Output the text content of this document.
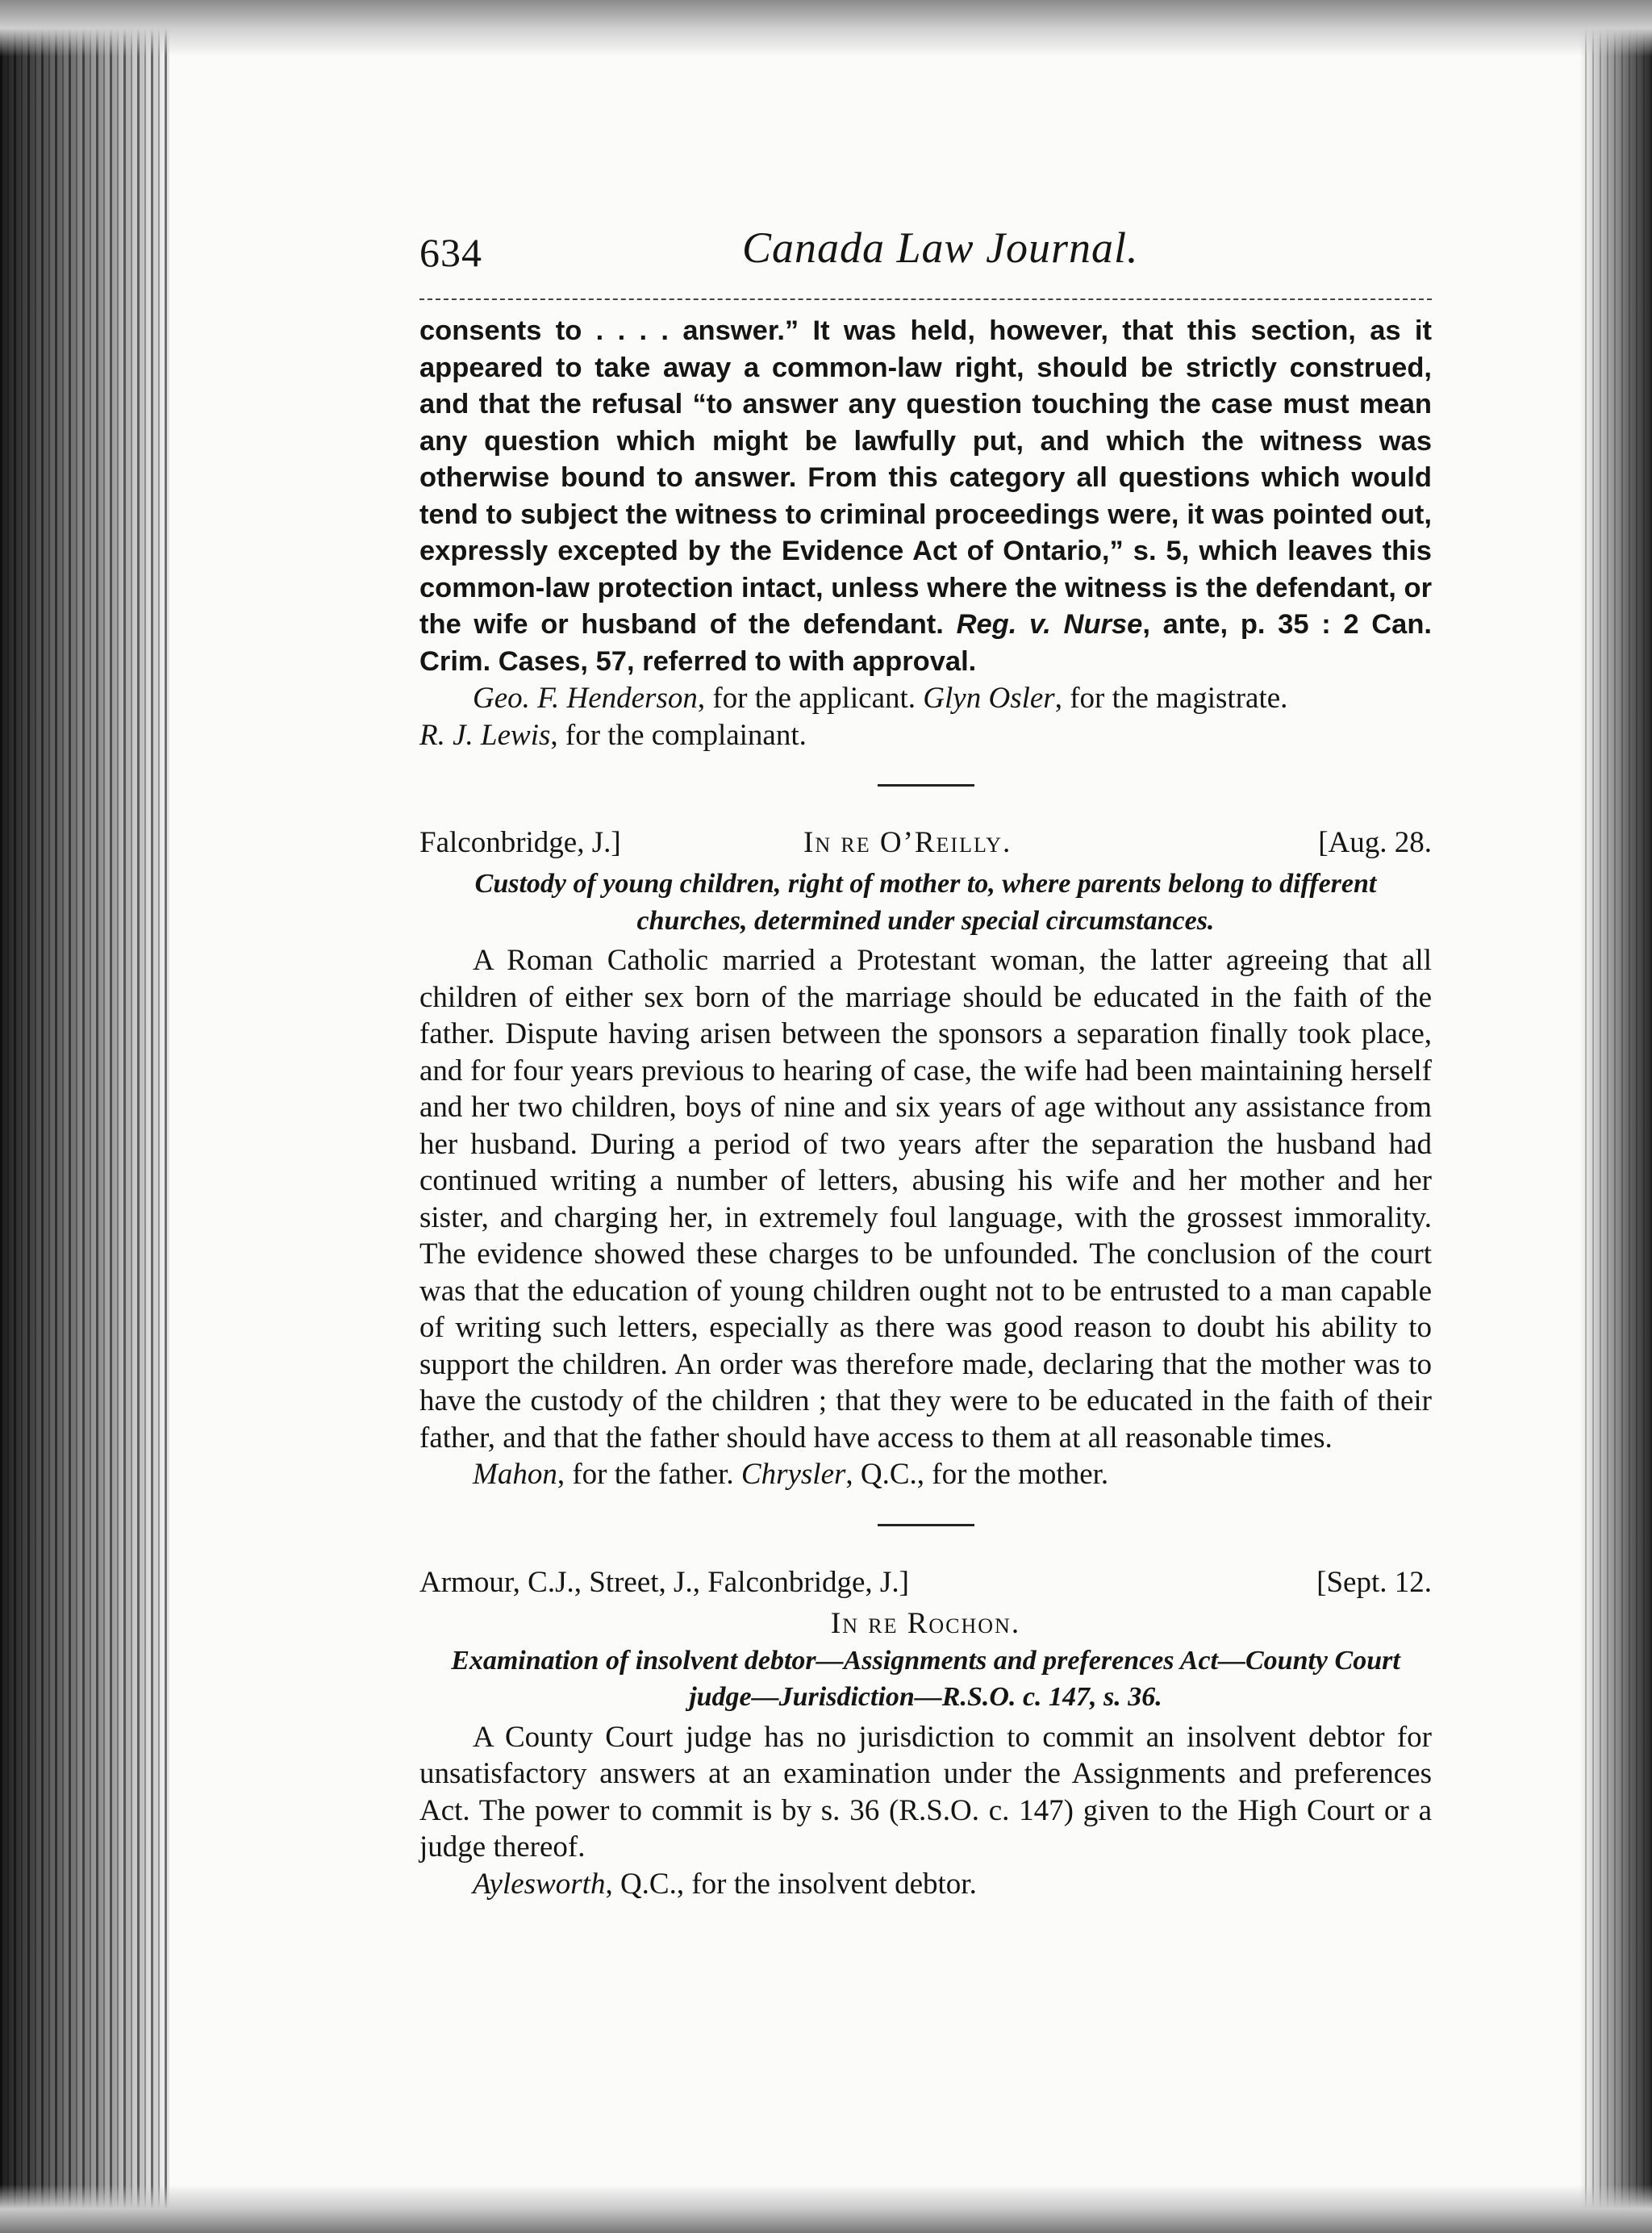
634	Canada Law Journal.

consents to . . . . answer.” It was held, however, that this section, as it appeared to take away a common-law right, should be strictly construed, and that the refusal “to answer any question touching the case must mean any question which might be lawfully put, and which the witness was otherwise bound to answer. From this category all questions which would tend to subject the witness to criminal proceedings were, it was pointed out, expressly excepted by the Evidence Act of Ontario,” s. 5, which leaves this common-law protection intact, unless where the witness is the defendant, or the wife or husband of the defendant. Reg. v. Nurse, ante, p. 35 : 2 Can. Crim. Cases, 57, referred to with approval.

Geo. F. Henderson, for the applicant. Glyn Osler, for the magistrate.

R. J. Lewis, for the complainant.

Falconbridge, J.]	In re O’Reilly.	[Aug. 28.
Custody of young children, right of mother to, where parents belong to different churches, determined under special circumstances.

A Roman Catholic married a Protestant woman, the latter agreeing that all children of either sex born of the marriage should be educated in the faith of the father. Dispute having arisen between the sponsors a separation finally took place, and for four years previous to hearing of case, the wife had been maintaining herself and her two children, boys of nine and six years of age without any assistance from her husband. During a period of two years after the separation the husband had continued writing a number of letters, abusing his wife and her mother and her sister, and charging her, in extremely foul language, with the grossest immorality. The evidence showed these charges to be unfounded. The conclusion of the court was that the education of young children ought not to be entrusted to a man capable of writing such letters, especially as there was good reason to doubt his ability to support the children. An order was therefore made, declaring that the mother was to have the custody of the children ; that they were to be educated in the faith of their father, and that the father should have access to them at all reasonable times.

Mahon, for the father. Chrysler, Q.C., for the mother.

Armour, C.J., Street, J., Falconbridge, J.]	[Sept. 12.
In re Rochon.
Examination of insolvent debtor—Assignments and preferences Act—County Court judge—Jurisdiction—R.S.O. c. 147, s. 36.

A County Court judge has no jurisdiction to commit an insolvent debtor for unsatisfactory answers at an examination under the Assignments and preferences Act. The power to commit is by s. 36 (R.S.O. c. 147) given to the High Court or a judge thereof.

Aylesworth, Q.C., for the insolvent debtor.
